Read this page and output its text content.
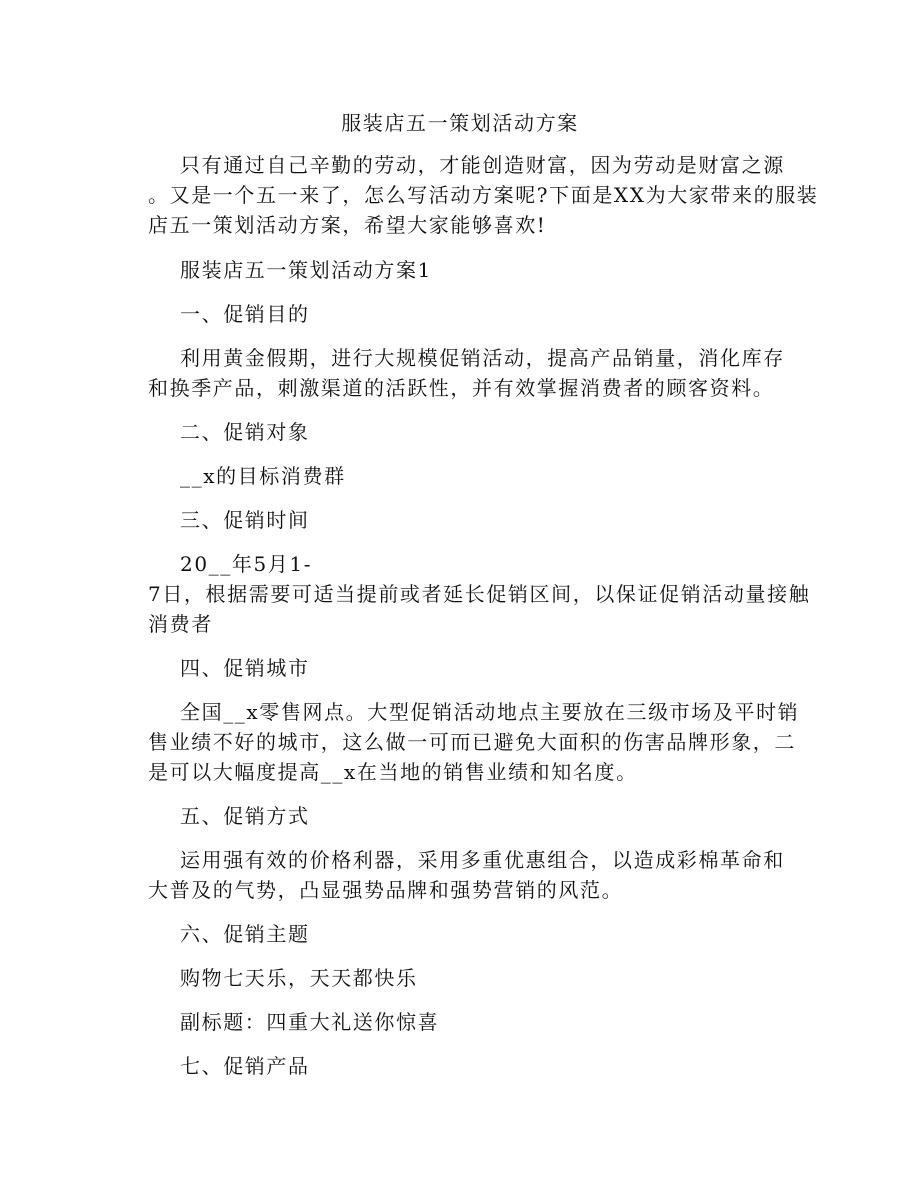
服装店五一策划活动方案
只有通过自己辛勤的劳动，才能创造财富，因为劳动是财富之源
。又是一个五一来了，怎么写活动方案呢?下面是XX为大家带来的服装
店五一策划活动方案，希望大家能够喜欢!
服装店五一策划活动方案1
一、促销目的
利用黄金假期，进行大规模促销活动，提高产品销量，消化库存
和换季产品，刺激渠道的活跃性，并有效掌握消费者的顾客资料。
二、促销对象
__x的目标消费群
三、促销时间
20__年5月1-
7日，根据需要可适当提前或者延长促销区间，以保证促销活动量接触
消费者
四、促销城市
全国__x零售网点。大型促销活动地点主要放在三级市场及平时销
售业绩不好的城市，这么做一可而已避免大面积的伤害品牌形象，二
是可以大幅度提高__x在当地的销售业绩和知名度。
五、促销方式
运用强有效的价格利器，采用多重优惠组合，以造成彩棉革命和
大普及的气势，凸显强势品牌和强势营销的风范。
六、促销主题
购物七天乐，天天都快乐
副标题：四重大礼送你惊喜
七、促销产品
